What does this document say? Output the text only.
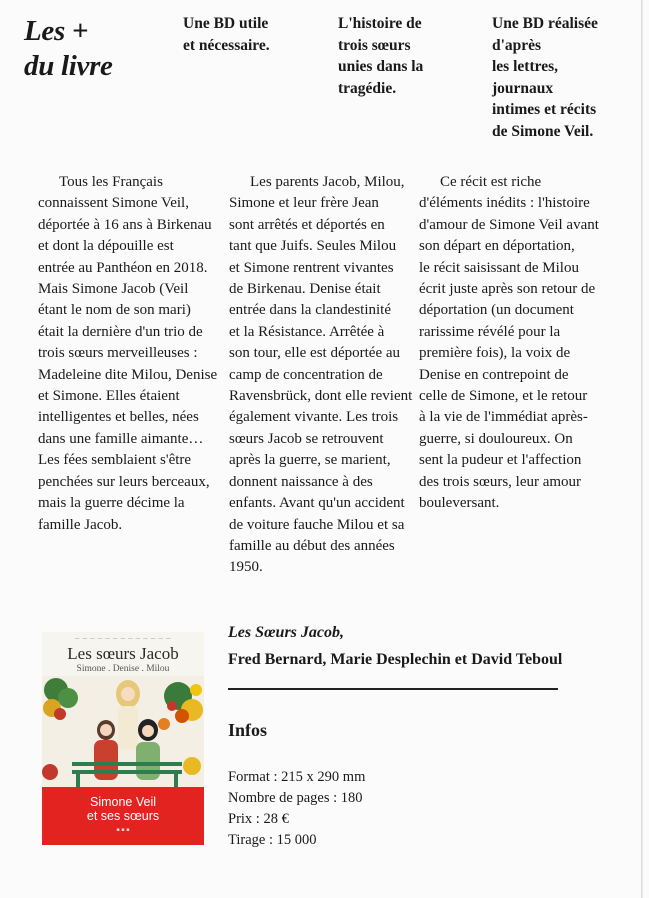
Les +
du livre
Une BD utile
et nécessaire.
L'histoire de
trois sœurs
unies dans la
tragédie.
Une BD réalisée
d'après
les lettres,
journaux
intimes et récits
de Simone Veil.
Tous les Français
connaissent Simone Veil,
déportée à 16 ans à Birkenau
et dont la dépouille est
entrée au Panthéon en 2018.
Mais Simone Jacob (Veil
étant le nom de son mari)
était la dernière d'un trio de
trois sœurs merveilleuses :
Madeleine dite Milou, Denise
et Simone. Elles étaient
intelligentes et belles, nées
dans une famille aimante…
Les fées semblaient s'être
penchées sur leurs berceaux,
mais la guerre décime la
famille Jacob.
Les parents Jacob, Milou,
Simone et leur frère Jean
sont arrêtés et déportés en
tant que Juifs. Seules Milou
et Simone rentrent vivantes
de Birkenau. Denise était
entrée dans la clandestinité
et la Résistance. Arrêtée à
son tour, elle est déportée au
camp de concentration de
Ravensbrück, dont elle revient
également vivante. Les trois
sœurs Jacob se retrouvent
après la guerre, se marient,
donnent naissance à des
enfants. Avant qu'un accident
de voiture fauche Milou et sa
famille au début des années
1950.
Ce récit est riche
d'éléments inédits : l'histoire
d'amour de Simone Veil avant
son départ en déportation,
le récit saisissant de Milou
écrit juste après son retour de
déportation (un document
rarissime révélé pour la
première fois), la voix de
Denise en contrepoint de
celle de Simone, et le retour
à la vie de l'immédiat après-
guerre, si douloureux. On
sent la pudeur et l'affection
des trois sœurs, leur amour
bouleversant.
— — — — — — — — — — — — —
Les sœurs Jacob
Simone . Denise . Milou
Simone Veil
et ses sœurs
▪ ▪ ▪
Les Sœurs Jacob,
Fred Bernard, Marie Desplechin et David Teboul
Infos
Format : 215 x 290 mm
Nombre de pages : 180
Prix : 28 €
Tirage : 15 000
